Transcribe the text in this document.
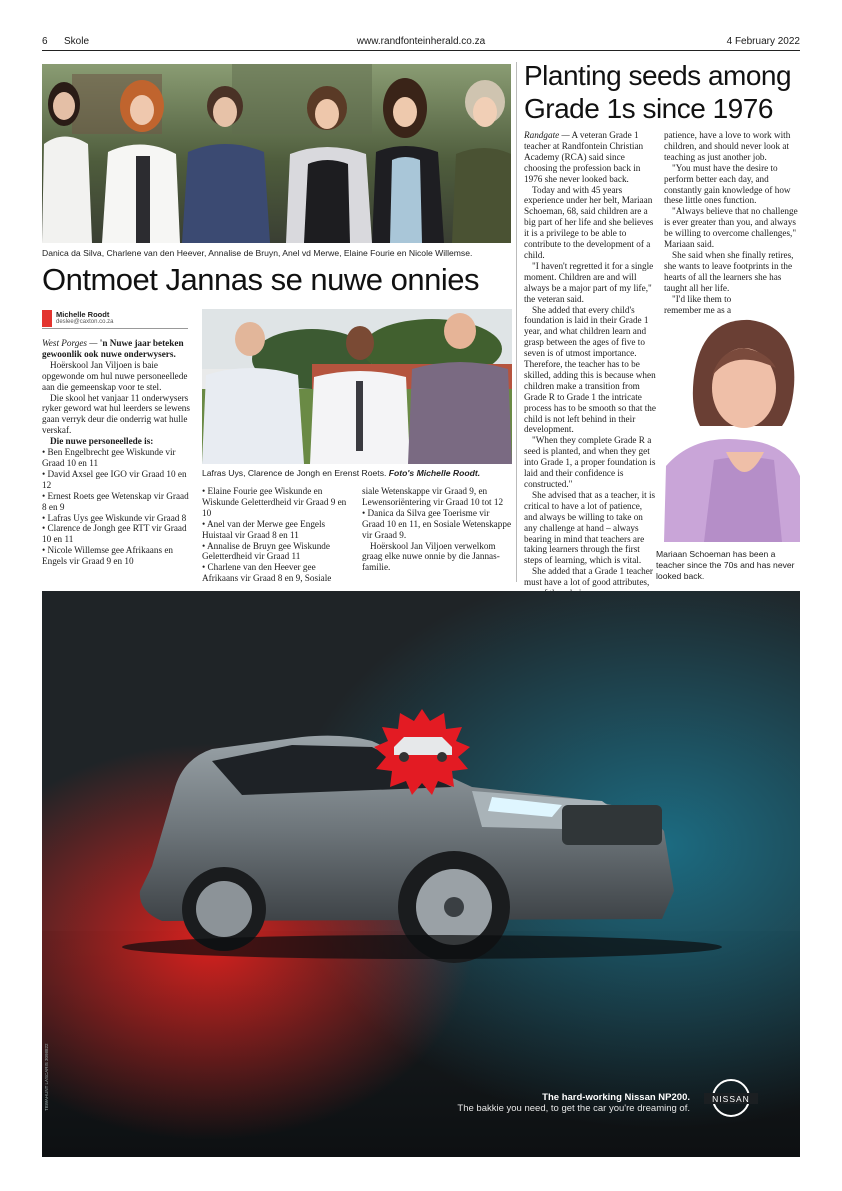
6 Skole	www.randfonteinherald.co.za	4 February 2022
Danica da Silva, Charlene van den Heever, Annalise de Bruyn, Anel vd Merwe, Elaine Fourie en Nicole Willemse.
Ontmoet Jannas se nuwe onnies
Michelle Roodt
deslee@caxton.co.za

West Porges — 'n Nuwe jaar beteken gewoonlik ook nuwe onderwysers.

Hoërskool Jan Viljoen is baie opgewonde om hul nuwe personeellede aan die gemeenskap voor te stel.

Die skool het vanjaar 11 onderwysers ryker geword wat hul leerders se lewens gaan verryk deur die onderrig wat hulle verskaf.

Die nuwe personeellede is:

• Ben Engelbrecht gee Wiskunde vir Graad 10 en 11

• David Axsel gee IGO vir Graad 10 en 12

• Ernest Roets gee Wetenskap vir Graad 8 en 9

• Lafras Uys gee Wiskunde vir Graad 8

• Clarence de Jongh gee RTT vir Graad 10 en 11

• Nicole Willemse gee Afrikaans en Engels vir Graad 9 en 10

Lafras Uys, Clarence de Jongh en Erenst Roets. Foto's Michelle Roodt.

• Elaine Fourie gee Wiskunde en Wiskunde Geletterdheid vir Graad 9 en 10

• Anel van der Merwe gee Engels Huistaal vir Graad 8 en 11

• Annalise de Bruyn gee Wiskunde Geletterdheid vir Graad 11

• Charlene van den Heever gee Afrikaans vir Graad 8 en 9, Sosiale

siale Wetenskappe vir Graad 9, en Lewensoriëntering vir Graad 10 tot 12

• Danica da Silva gee Toerisme vir Graad 10 en 11, en Sosiale Wetenskappe vir Graad 9.

Hoërskool Jan Viljoen verwelkom graag elke nuwe onnie by die Jannas-familie.

Planting seeds among
Grade 1s since 1976

Randgate — A veteran Grade 1 teacher at Randfontein Christian Academy (RCA) said since choosing the profession back in 1976 she never looked back.

Today and with 45 years experience under her belt, Mariaan Schoeman, 68, said children are a big part of her life and she believes it is a privilege to be able to contribute to the development of a child.

"I haven't regretted it for a single moment. Children are and will always be a major part of my life," the veteran said.

She added that every child's foundation is laid in their Grade 1 year, and what children learn and grasp between the ages of five to seven is of utmost importance. Therefore, the teacher has to be skilled, adding this is because when children make a transition from Grade R to Grade 1 the intricate process has to be smooth so that the child is not left behind in their development.

"When they complete Grade R a seed is planted, and when they get into Grade 1, a proper foundation is laid and their confidence is constructed."

She advised that as a teacher, it is critical to have a lot of patience, and always be willing to take on any challenge at hand – always bearing in mind that teachers are taking learners through the first steps of learning, which is vital.

She added that a Grade 1 teacher must have a lot of good attributes,

patience, have a love to work with children, and should never look at teaching as just another job.

"You must have the desire to perform better each day, and constantly gain knowledge of how these little ones function.

"Always believe that no challenge is ever greater than you, and always be willing to overcome challenges," Mariaan said.

She said when she finally retires, she wants to leave footprints in the hearts of all the learners she has taught all her life.

"I'd like them to remember me as a

Mariaan Schoeman has been a teacher since the 70s and has never looked back.
The hard-working Nissan NP200.
The bakkie you need, to get the car you're dreaming of.
NISSAN
TBWAHUNT LASCARIS 3098822
